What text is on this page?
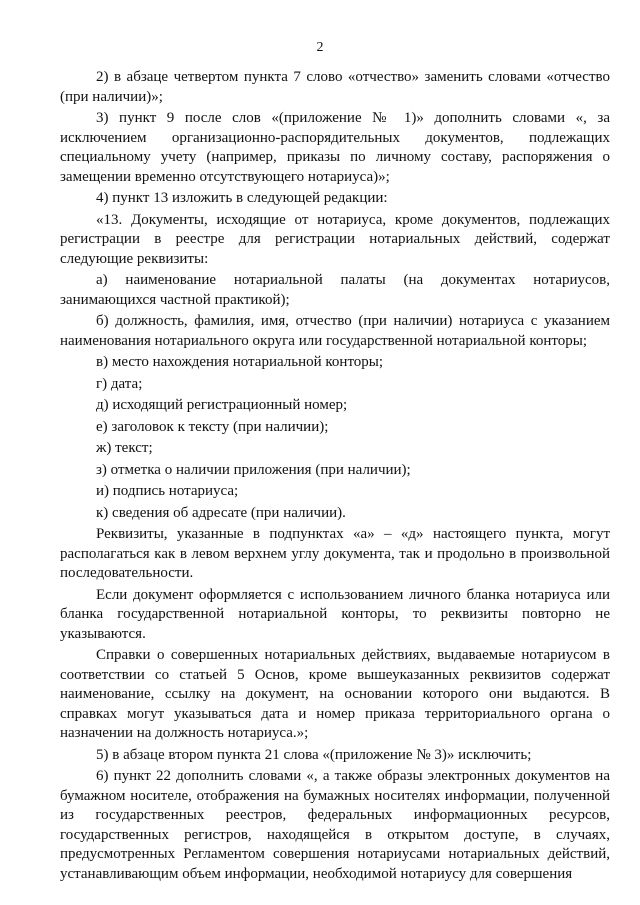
2

2) в абзаце четвертом пункта 7 слово «отчество» заменить словами «отчество (при наличии)»;

3) пункт 9 после слов «(приложение № 1)» дополнить словами «, за исключением организационно-распорядительных документов, подлежащих специальному учету (например, приказы по личному составу, распоряжения о замещении временно отсутствующего нотариуса)»;

4) пункт 13 изложить в следующей редакции:

«13. Документы, исходящие от нотариуса, кроме документов, подлежащих регистрации в реестре для регистрации нотариальных действий, содержат следующие реквизиты:

а) наименование нотариальной палаты (на документах нотариусов, занимающихся частной практикой);

б) должность, фамилия, имя, отчество (при наличии) нотариуса с указанием наименования нотариального округа или государственной нотариальной конторы;

в) место нахождения нотариальной конторы;

г) дата;

д) исходящий регистрационный номер;

е) заголовок к тексту (при наличии);

ж) текст;

з) отметка о наличии приложения (при наличии);

и) подпись нотариуса;

к) сведения об адресате (при наличии).

Реквизиты, указанные в подпунктах «а» – «д» настоящего пункта, могут располагаться как в левом верхнем углу документа, так и продольно в произвольной последовательности.

Если документ оформляется с использованием личного бланка нотариуса или бланка государственной нотариальной конторы, то реквизиты повторно не указываются.

Справки о совершенных нотариальных действиях, выдаваемые нотариусом в соответствии со статьей 5 Основ, кроме вышеуказанных реквизитов содержат наименование, ссылку на документ, на основании которого они выдаются. В справках могут указываться дата и номер приказа территориального органа о назначении на должность нотариуса.»;

5) в абзаце втором пункта 21 слова «(приложение № 3)» исключить;

6) пункт 22 дополнить словами «, а также образы электронных документов на бумажном носителе, отображения на бумажных носителях информации, полученной из государственных реестров, федеральных информационных ресурсов, государственных регистров, находящейся в открытом доступе, в случаях, предусмотренных Регламентом совершения нотариусами нотариальных действий, устанавливающим объем информации, необходимой нотариусу для совершения
